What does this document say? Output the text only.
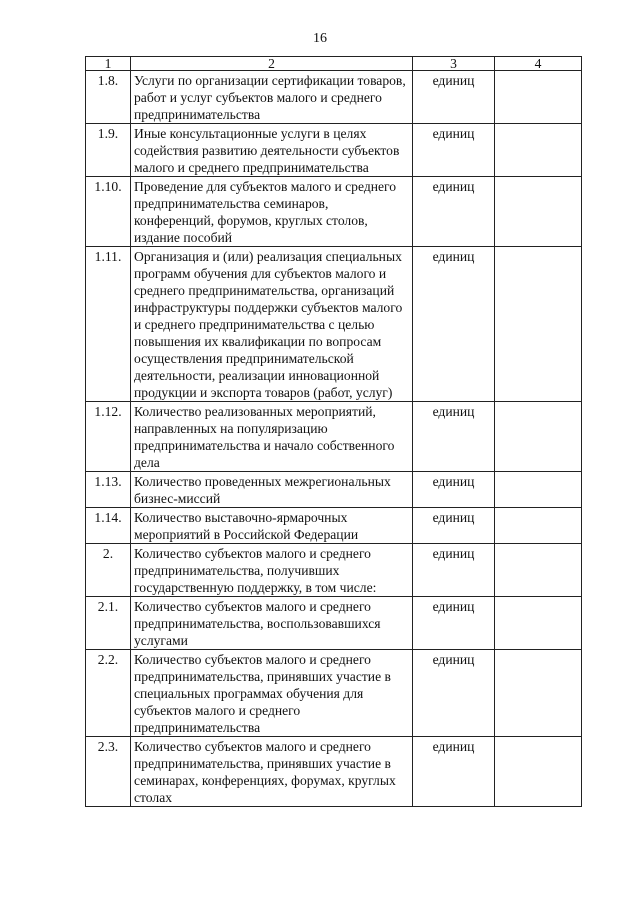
16
1	2	3	4
1.8.	Услуги по организации сертификации товаров, работ и услуг субъектов малого и среднего предпринимательства	единиц	
1.9.	Иные консультационные услуги в целях содействия развитию деятельности субъектов малого и среднего предпринимательства	единиц	
1.10.	Проведение для субъектов малого и среднего предпринимательства семинаров, конференций, форумов, круглых столов, издание пособий	единиц	
1.11.	Организация и (или) реализация специальных программ обучения для субъектов малого и среднего предпринимательства, организаций инфраструктуры поддержки субъектов малого и среднего предпринимательства с целью повышения их квалификации по вопросам осуществления предпринимательской деятельности, реализации инновационной продукции и экспорта товаров (работ, услуг)	единиц	
1.12.	Количество реализованных мероприятий, направленных на популяризацию предпринимательства и начало собственного дела	единиц	
1.13.	Количество проведенных межрегиональных бизнес-миссий	единиц	
1.14.	Количество выставочно-ярмарочных мероприятий в Российской Федерации	единиц	
2.	Количество субъектов малого и среднего предпринимательства, получивших государственную поддержку, в том числе:	единиц	
2.1.	Количество субъектов малого и среднего предпринимательства, воспользовавшихся услугами	единиц	
2.2.	Количество субъектов малого и среднего предпринимательства, принявших участие в специальных программах обучения для субъектов малого и среднего предпринимательства	единиц	
2.3.	Количество субъектов малого и среднего предпринимательства, принявших участие в семинарах, конференциях, форумах, круглых столах	единиц	
